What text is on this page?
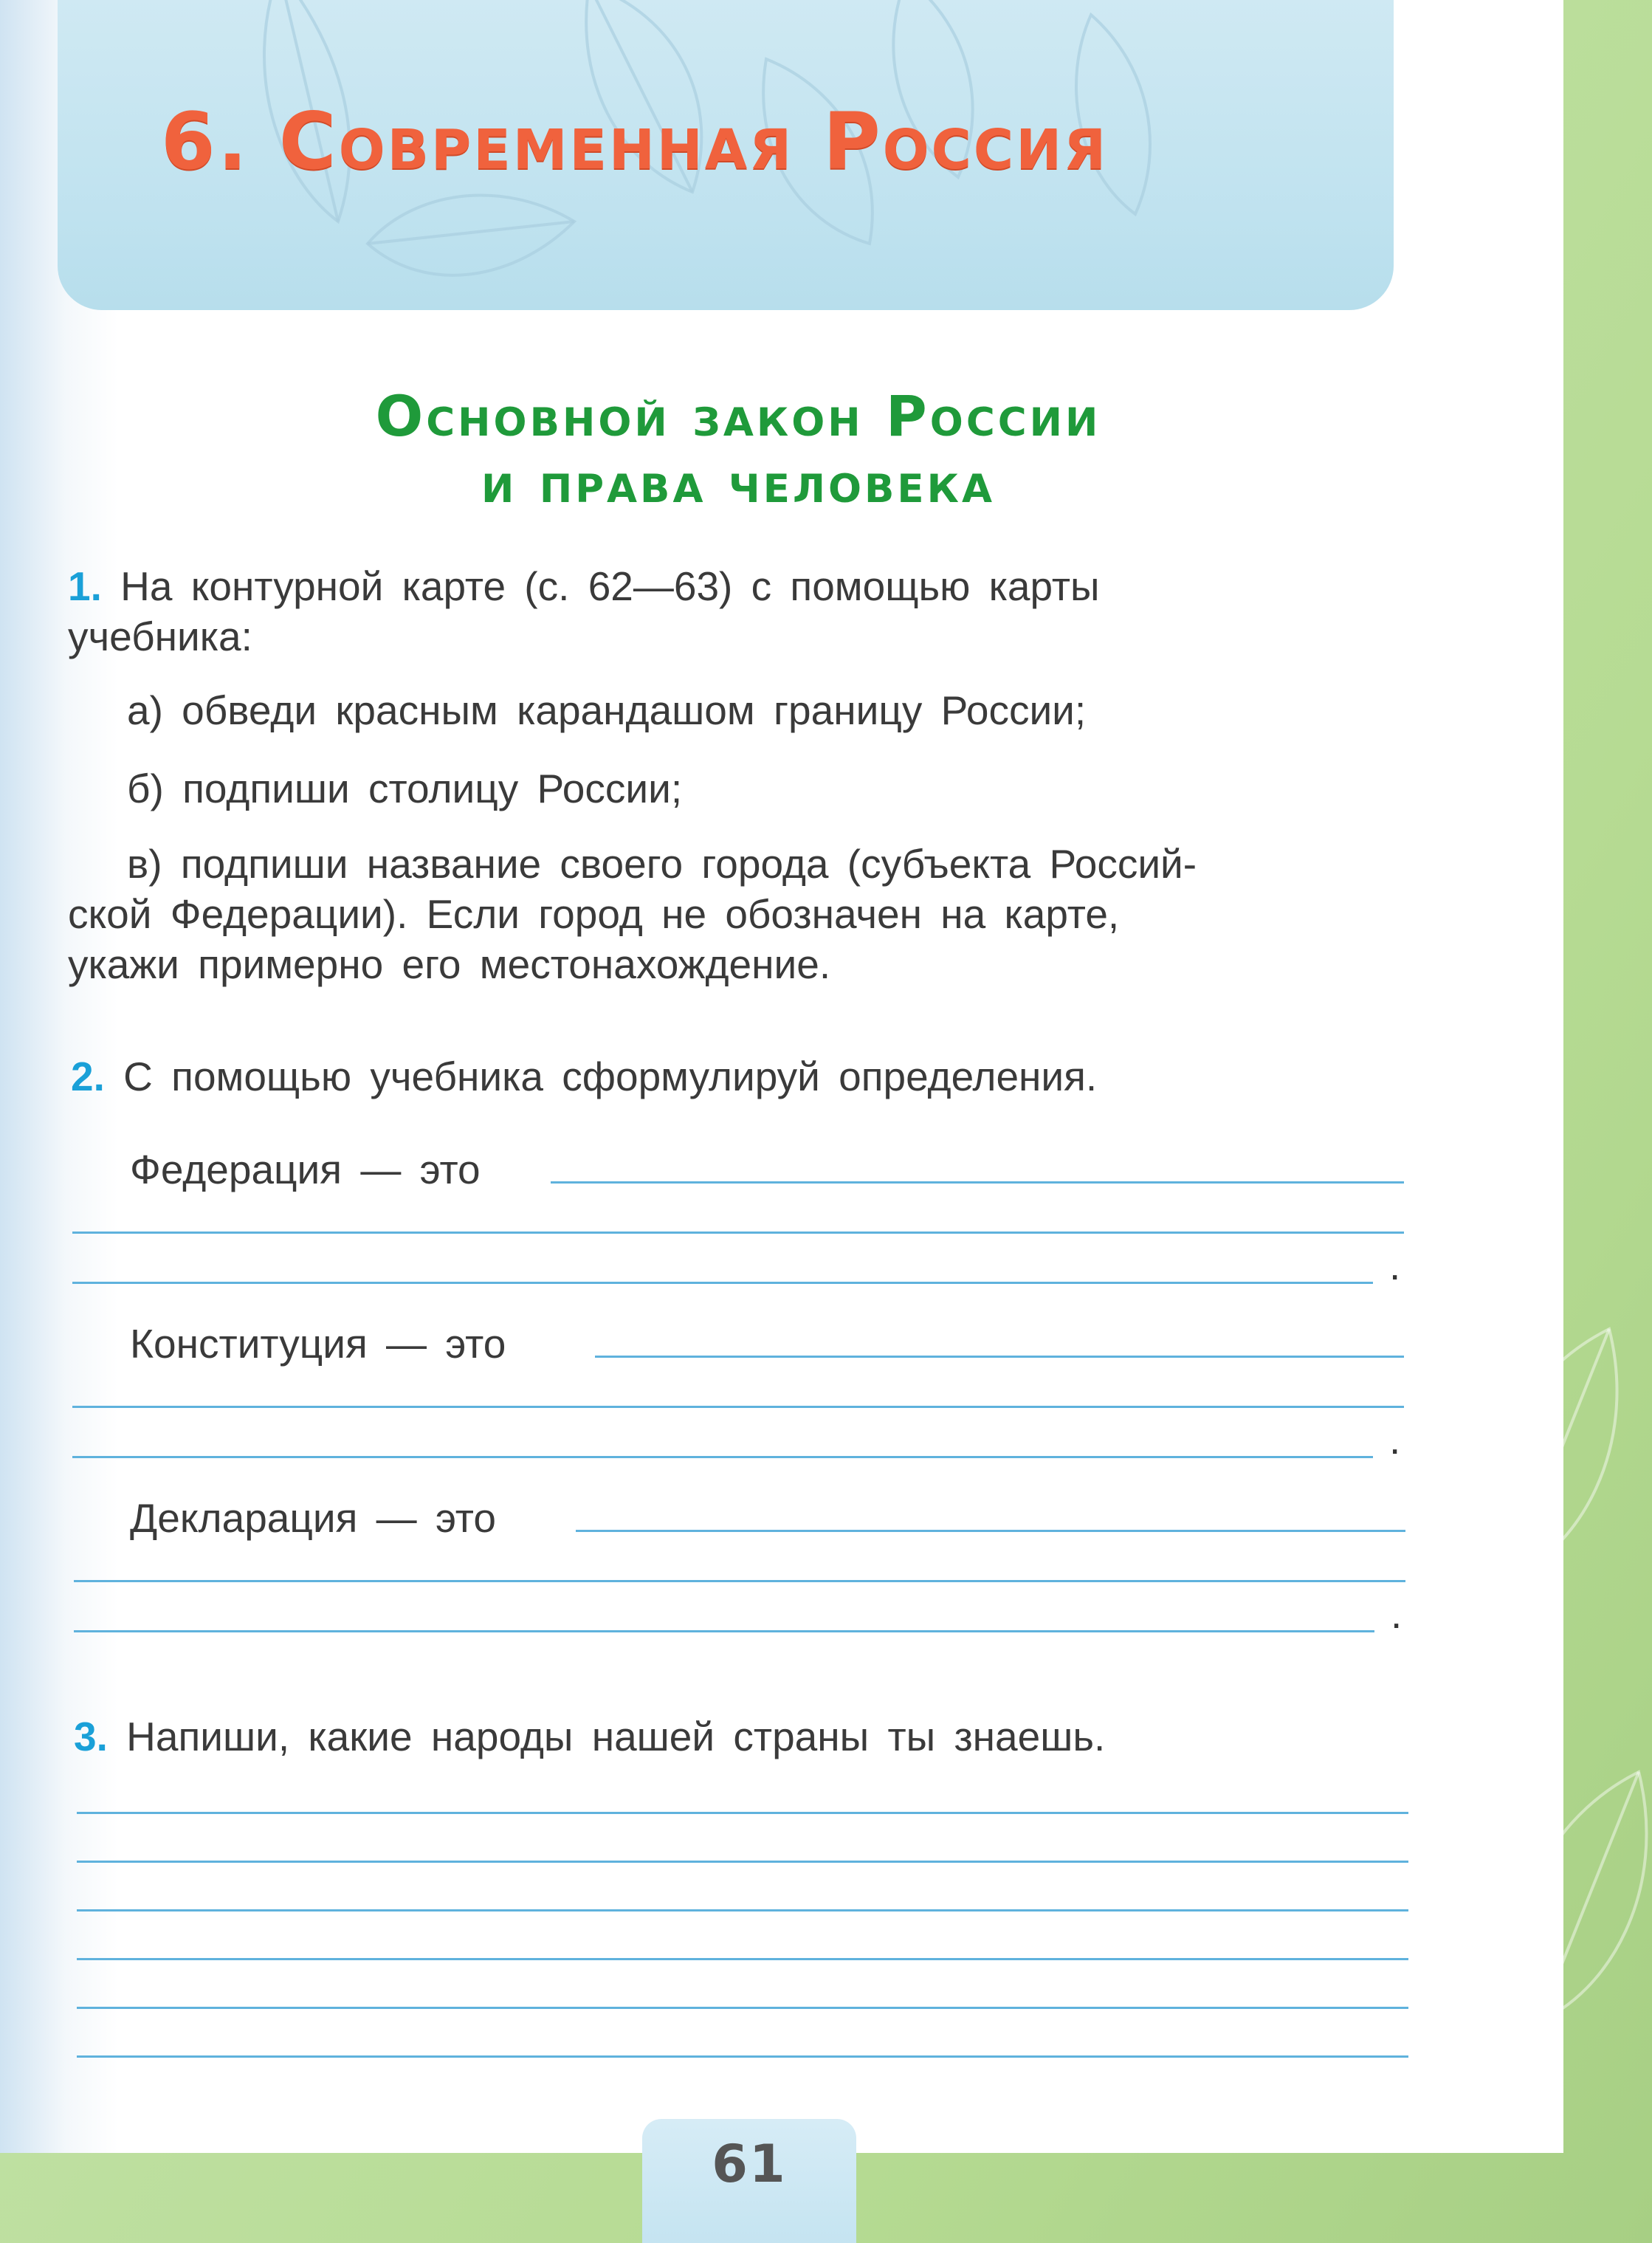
6. Современная Россия
Основной закон России
и права человека

1. На контурной карте (с. 62—63) с помощью карты

учебника:

а) обведи красным карандашом границу России;

б) подпиши столицу России;

в) подпиши название своего города (субъекта Россий-

ской Федерации). Если город не обозначен на карте,

укажи примерно его местонахождение.

2. С помощью учебника сформулируй определения.

Федерация — это

.

Конституция — это

.

Декларация — это

.

3. Напиши, какие народы нашей страны ты знаешь.

61
